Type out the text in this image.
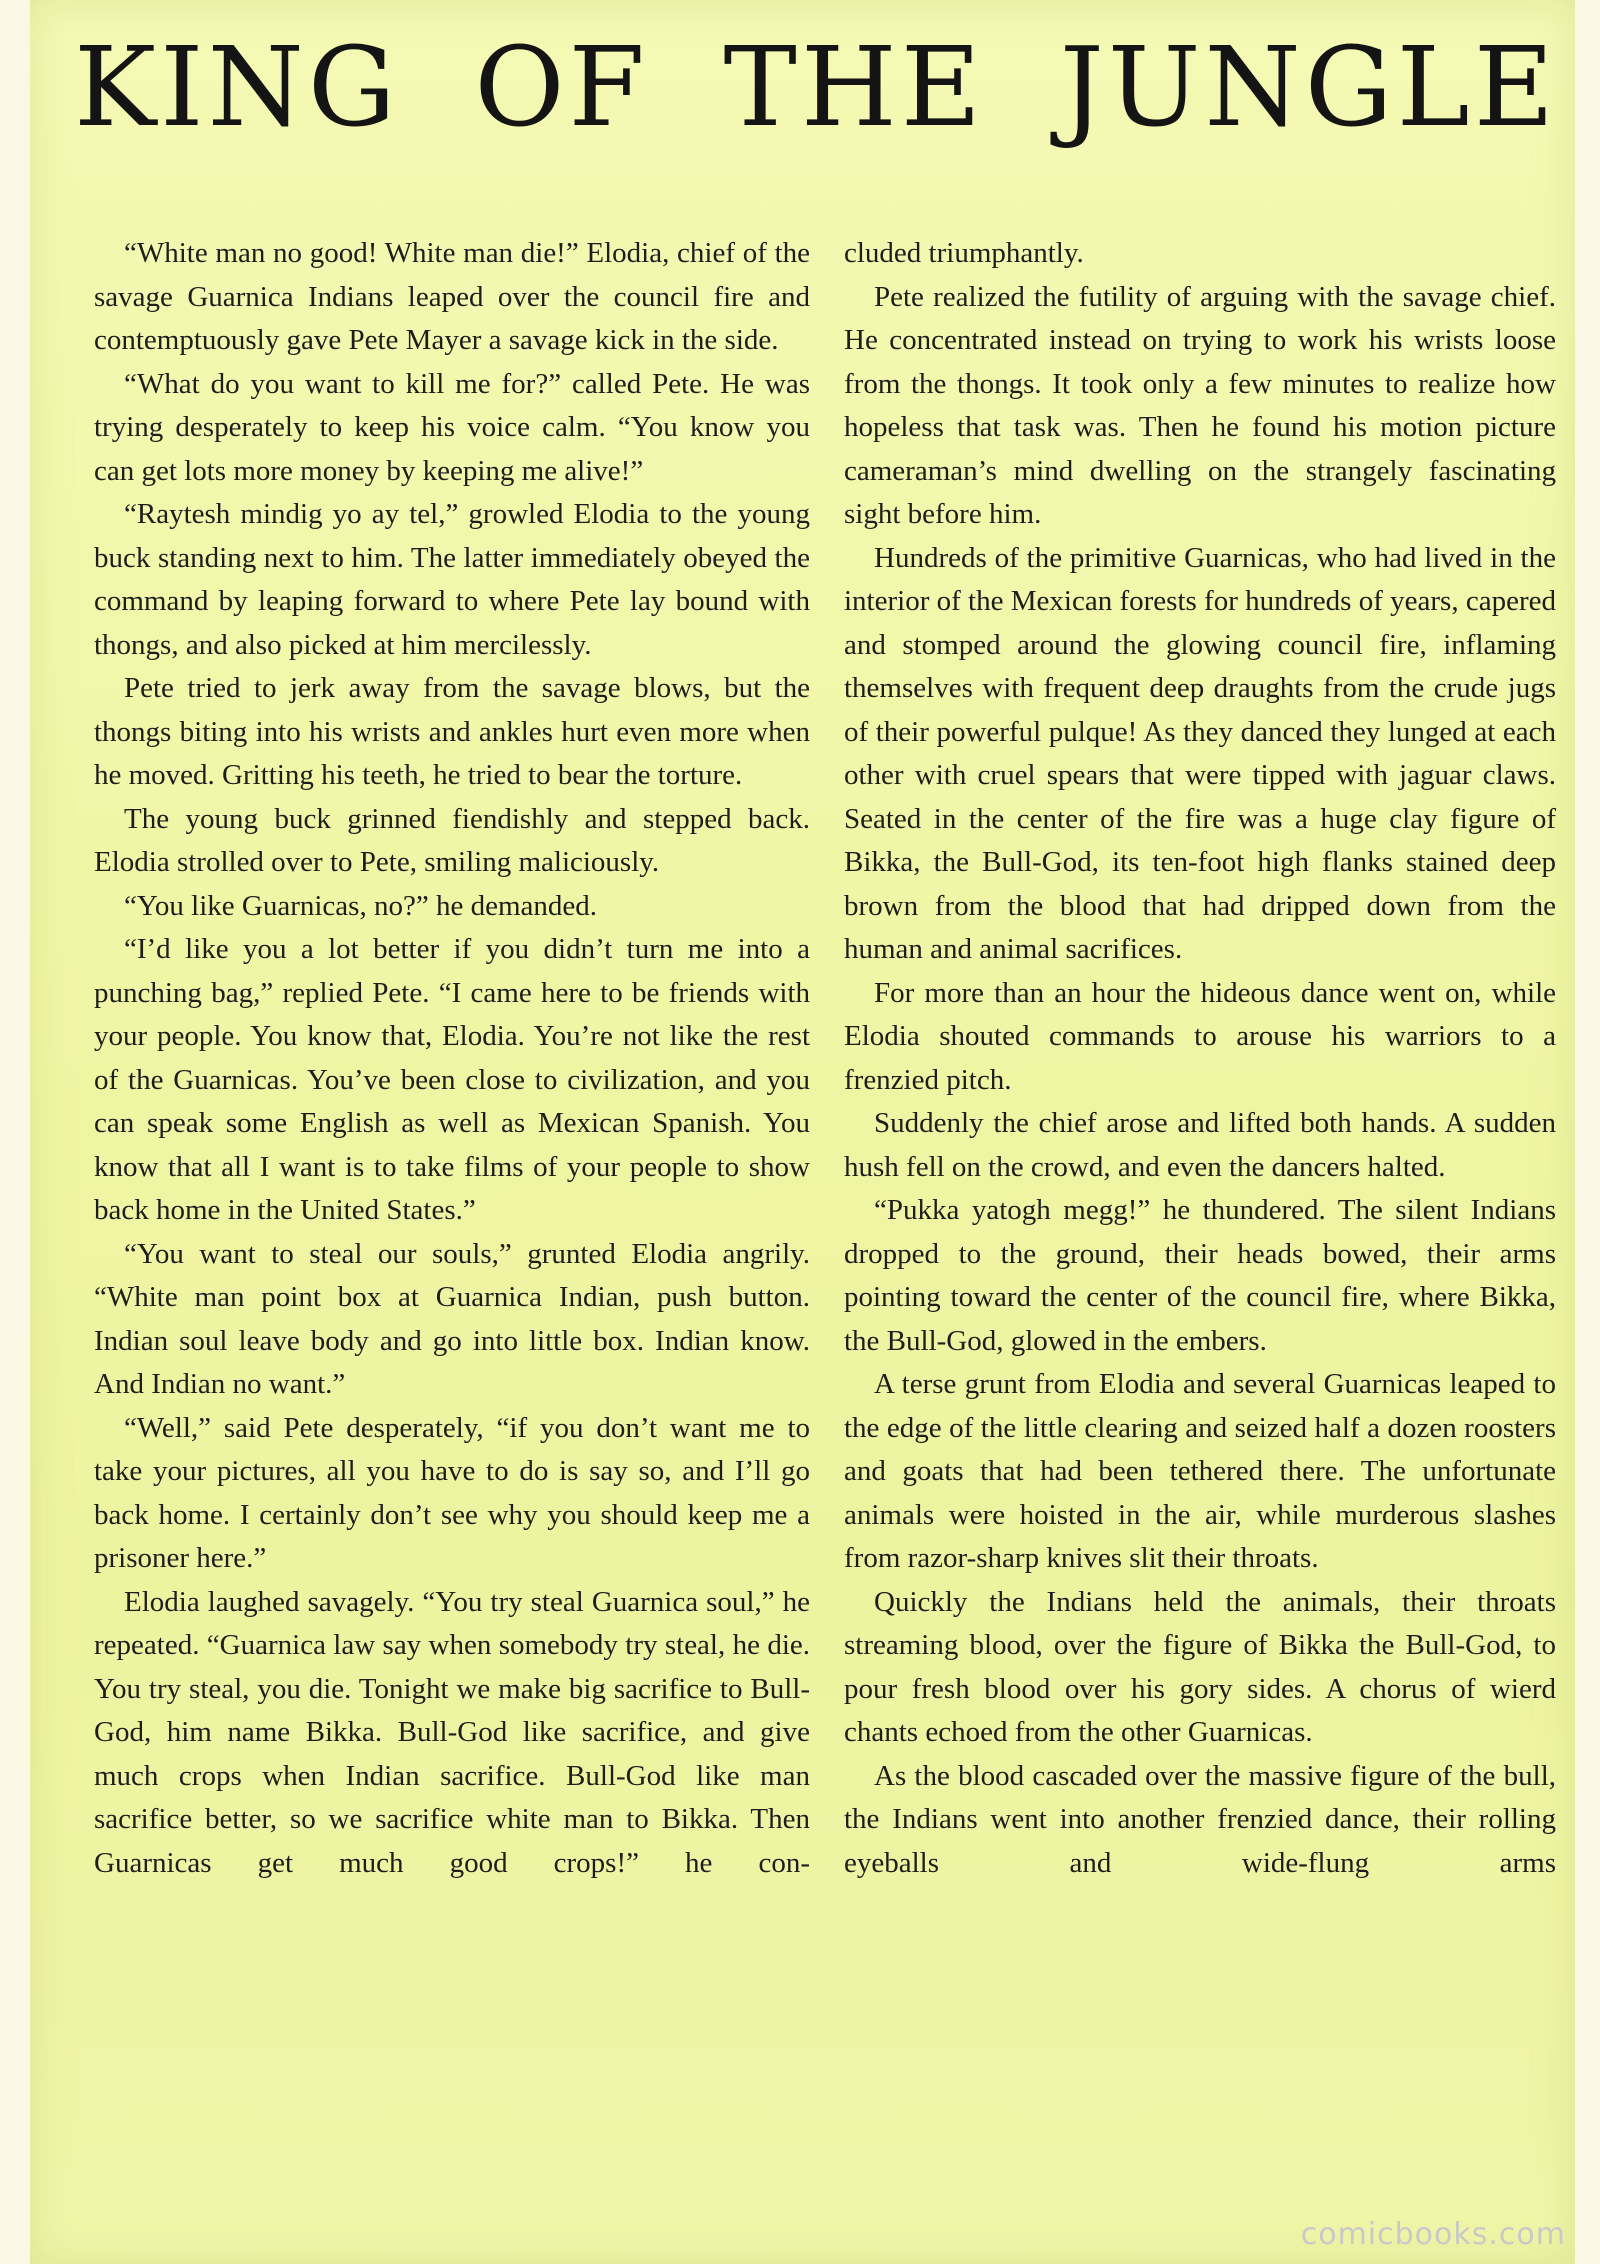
KING OF THE JUNGLE

“White man no good! White man die!” Elodia, chief of the savage Guarnica Indians leaped over the council fire and contemptuously gave Pete Mayer a savage kick in the side.

“What do you want to kill me for?” called Pete. He was trying desperately to keep his voice calm. “You know you can get lots more money by keeping me alive!”

“Raytesh mindig yo ay tel,” growled Elodia to the young buck standing next to him. The latter immediately obeyed the command by leaping forward to where Pete lay bound with thongs, and also picked at him mercilessly.

Pete tried to jerk away from the savage blows, but the thongs biting into his wrists and ankles hurt even more when he moved. Gritting his teeth, he tried to bear the torture.

The young buck grinned fiendishly and stepped back. Elodia strolled over to Pete, smiling maliciously.

“You like Guarnicas, no?” he demanded.

“I’d like you a lot better if you didn’t turn me into a punching bag,” replied Pete. “I came here to be friends with your people. You know that, Elodia. You’re not like the rest of the Guarnicas. You’ve been close to civilization, and you can speak some English as well as Mexican Spanish. You know that all I want is to take films of your people to show back home in the United States.”

“You want to steal our souls,” grunted Elodia angrily. “White man point box at Guarnica Indian, push button. Indian soul leave body and go into little box. Indian know. And Indian no want.”

“Well,” said Pete desperately, “if you don’t want me to take your pictures, all you have to do is say so, and I’ll go back home. I certainly don’t see why you should keep me a prisoner here.”

Elodia laughed savagely. “You try steal Guarnica soul,” he repeated. “Guarnica law say when somebody try steal, he die. You try steal, you die. Tonight we make big sacrifice to Bull-God, him name Bikka. Bull-God like sacrifice, and give much crops when Indian sacrifice. Bull-God like man sacrifice better, so we sacrifice white man to Bikka. Then Guarnicas get much good crops!” he con-

cluded triumphantly.

Pete realized the futility of arguing with the savage chief. He concentrated instead on trying to work his wrists loose from the thongs. It took only a few minutes to realize how hopeless that task was. Then he found his motion picture cameraman’s mind dwelling on the strangely fascinating sight before him.

Hundreds of the primitive Guarnicas, who had lived in the interior of the Mexican forests for hundreds of years, capered and stomped around the glowing council fire, inflaming themselves with frequent deep draughts from the crude jugs of their powerful pulque! As they danced they lunged at each other with cruel spears that were tipped with jaguar claws. Seated in the center of the fire was a huge clay figure of Bikka, the Bull-God, its ten-foot high flanks stained deep brown from the blood that had dripped down from the human and animal sacrifices.

For more than an hour the hideous dance went on, while Elodia shouted commands to arouse his warriors to a frenzied pitch.

Suddenly the chief arose and lifted both hands. A sudden hush fell on the crowd, and even the dancers halted.

“Pukka yatogh megg!” he thundered. The silent Indians dropped to the ground, their heads bowed, their arms pointing toward the center of the council fire, where Bikka, the Bull-God, glowed in the embers.

A terse grunt from Elodia and several Guarnicas leaped to the edge of the little clearing and seized half a dozen roosters and goats that had been tethered there. The unfortunate animals were hoisted in the air, while murderous slashes from razor-sharp knives slit their throats.

Quickly the Indians held the animals, their throats streaming blood, over the figure of Bikka the Bull-God, to pour fresh blood over his gory sides. A chorus of wierd chants echoed from the other Guarnicas.

As the blood cascaded over the massive figure of the bull, the Indians went into another frenzied dance, their rolling eyeballs and wide-flung arms

comicbooks.com
